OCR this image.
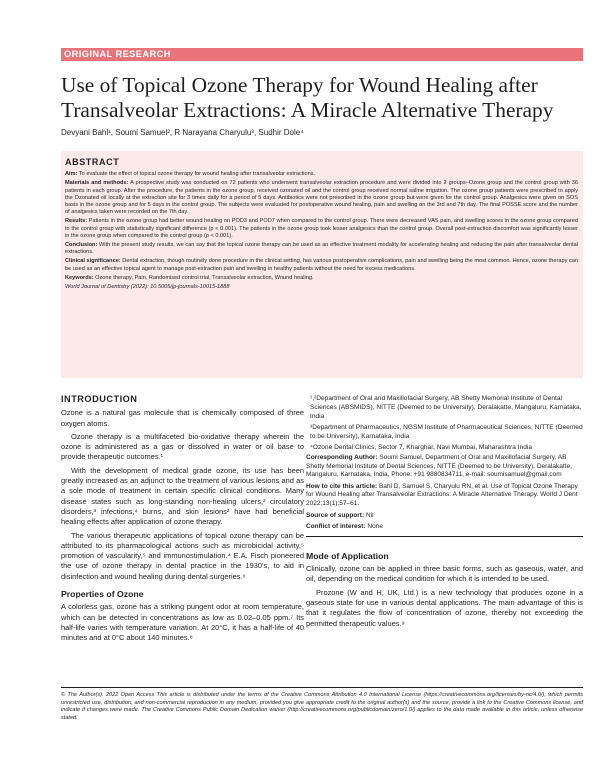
ORIGINAL RESEARCH
Use of Topical Ozone Therapy for Wound Healing after Transalveolar Extractions: A Miracle Alternative Therapy
Devyani Bahl¹, Soumi Samuel², R Narayana Charyulu³, Sudhir Dole⁴
ABSTRACT

Aim: To evaluate the effect of topical ozone therapy for wound healing after transalveolar extractions.

Materials and methods: A prospective study was conducted on 72 patients who underwent transalveolar extraction procedure and were divided into 2 groups–Ozone group and the control group with 36 patients in each group. After the procedure, the patients in the ozone group, received ozonated oil and the control group received normal saline irrigation. The ozone group patients were prescribed to apply the Ozonated oil locally at the extraction site for 3 times daily for a period of 5 days. Antibiotics were not prescribed in the ozone group but were given for the control group. Analgesics were given on SOS basis in the ozone group and for 5 days in the control group. The subjects were evaluated for postoperative wound healing, pain and swelling on the 3rd and 7th day. The final POSSE score and the number of analgesics taken were recorded on the 7th day.

Results: Patients in the ozone group had better wound healing on POD3 and POD7 when compared to the control group. There were decreased VAS pain, and swelling scores in the ozone group compared to the control group with statistically significant difference (p < 0.001). The patients in the ozone group took lesser analgesics than the control group. Overall post-extraction discomfort was significantly lesser in the ozone group when compared to the control group (p < 0.001).

Conclusion: With the present study results, we can say that the topical ozone therapy can be used as an effective treatment modality for accelerating healing and reducing the pain after transalveolar dental extractions.

Clinical significance: Dental extraction, though routinely done procedure in the clinical setting, has various postoperative complications, pain and swelling being the most common. Hence, ozone therapy can be used as an effective topical agent to manage post-extraction pain and swelling in healthy patients without the need for excess medications.

Keywords: Ozone therapy, Pain, Randomised control trial, Transalveolar extraction, Wound healing.

World Journal of Dentistry (2022): 10.5005/jp-journals-10015-1888

INTRODUCTION

Ozone is a natural gas molecule that is chemically composed of three oxygen atoms.

Ozone therapy is a multifaceted bio-oxidative therapy wherein the ozone is administered as a gas or dissolved in water or oil base to provide therapeutic outcomes.¹

With the development of medical grade ozone, its use has been greatly increased as an adjunct to the treatment of various lesions and as a sole mode of treatment in certain specific clinical conditions. Many disease states such as long-standing non-healing ulcers,² circulatory disorders,³ infections,⁴ burns, and skin lesions² have had beneficial healing effects after application of ozone therapy.

The various therapeutic applications of topical ozone therapy can be attributed to its pharmacological actions such as microbicidal activity,⁵ promotion of vascularity,⁵ and immunostimulation.⁴ E.A. Fisch pioneered the use of ozone therapy in dental practice in the 1930's, to aid in disinfection and wound healing during dental surgeries.⁶

Properties of Ozone

A colorless gas, ozone has a striking pungent odor at room temperature, which can be detected in concentrations as low as 0.02–0.05 ppm.⁷ Its half-life varies with temperature variation. At 20°C, it has a half-life of 40 minutes and at 0°C about 140 minutes.⁸

¹,²Department of Oral and Maxillofacial Surgery, AB Shetty Memorial Institute of Dental Sciences (ABSMIDS), NITTE (Deemed to be University), Deralakatte, Mangaluru, Karnataka, India

³Department of Pharmaceutics, NGSM Institute of Pharmaceutical Sciences, NITTE (Deemed to be University), Karnataka, India

⁴Ozone Dental Clinics, Sector 7, Kharghar, Navi Mumbai, Maharashtra India

Corresponding Author: Soumi Samuel, Department of Oral and Maxillofacial Surgery, AB Shetty Memorial Institute of Dental Sciences, NITTE (Deemed to be University), Deralakatte, Mangaluru, Karnataka, India, Phone: +91 9880834711, e-mail: soumisamuel@gmail.com

How to cite this article: Bahl D, Samuel S, Charyulu RN, et al. Use of Topical Ozone Therapy for Wound Healing after Transalveolar Extractions: A Miracle Alternative Therapy. World J Dent 2022;13(1):57–61.

Source of support: Nil

Conflict of interest: None

Mode of Application

Clinically, ozone can be applied in three basic forms, such as gaseous, water, and oil, depending on the medical condition for which it is intended to be used.

Prozone (W and H, UK, Ltd.) is a new technology that produces ozone in a gaseous state for use in various dental applications. The main advantage of this is that it regulates the flow of concentration of ozone, thereby not exceeding the permitted therapeutic values.⁹

© The Author(s). 2022 Open Access This article is distributed under the terms of the Creative Commons Attribution 4.0 International License (https://creativecommons.org/licenses/by-nc/4.0/), which permits unrestricted use, distribution, and non-commercial reproduction in any medium, provided you give appropriate credit to the original author(s) and the source, provide a link to the Creative Commons license, and indicate if changes were made. The Creative Commons Public Domain Dedication waiver (http://creativecommons.org/publicdomain/zero/1.0/) applies to the data made available in this article, unless otherwise stated.
